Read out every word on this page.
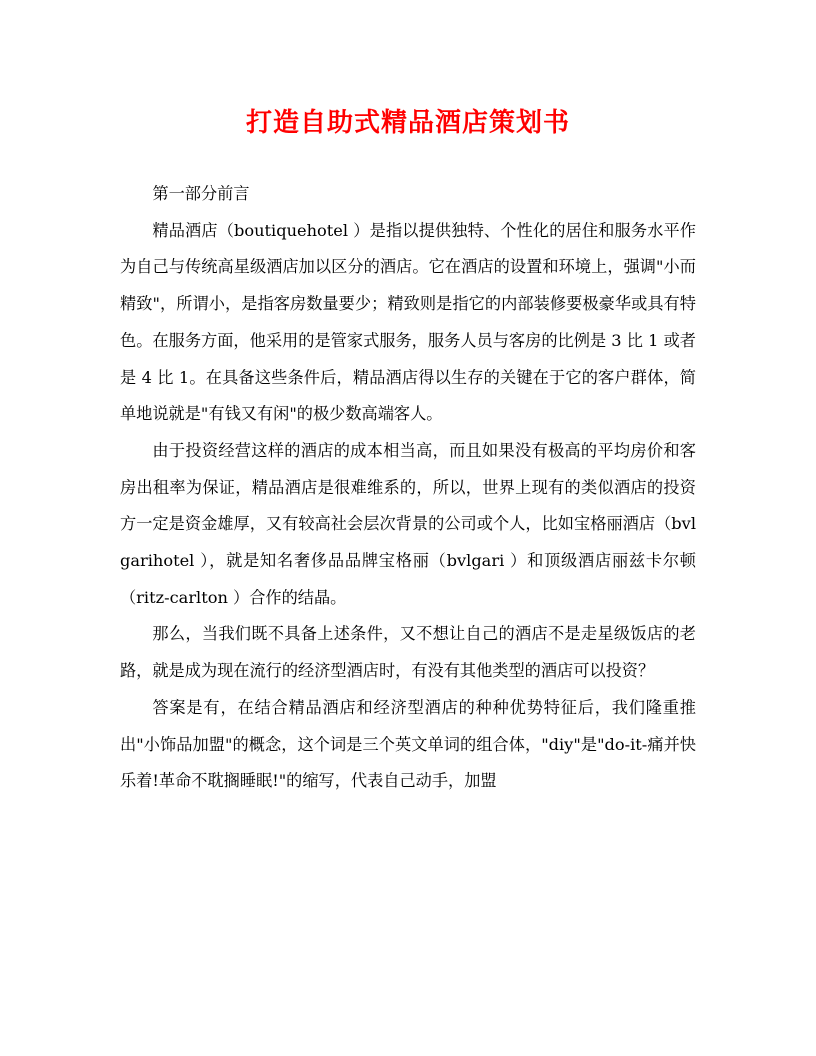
打造自助式精品酒店策划书

第一部分前言

精品酒店（boutiquehotel ）是指以提供独特、个性化的居住和服务水平作为自己与传统高星级酒店加以区分的酒店。它在酒店的设置和环境上，强调"小而精致"，所谓小，是指客房数量要少；精致则是指它的内部装修要极豪华或具有特色。在服务方面，他采用的是管家式服务，服务人员与客房的比例是 3 比 1 或者是 4 比 1。在具备这些条件后，精品酒店得以生存的关键在于它的客户群体，简单地说就是"有钱又有闲"的极少数高端客人。

由于投资经营这样的酒店的成本相当高，而且如果没有极高的平均房价和客房出租率为保证，精品酒店是很难维系的，所以，世界上现有的类似酒店的投资方一定是资金雄厚，又有较高社会层次背景的公司或个人，比如宝格丽酒店（bvlgarihotel ），就是知名奢侈品品牌宝格丽（bvlgari ）和顶级酒店丽兹卡尔顿（ritz-carlton ）合作的结晶。

那么，当我们既不具备上述条件，又不想让自己的酒店不是走星级饭店的老路，就是成为现在流行的经济型酒店时，有没有其他类型的酒店可以投资？

答案是有，在结合精品酒店和经济型酒店的种种优势特征后，我们隆重推出"小饰品加盟"的概念，这个词是三个英文单词的组合体，"diy"是"do-it-痛并快乐着!革命不耽搁睡眠!"的缩写，代表自己动手，加盟
